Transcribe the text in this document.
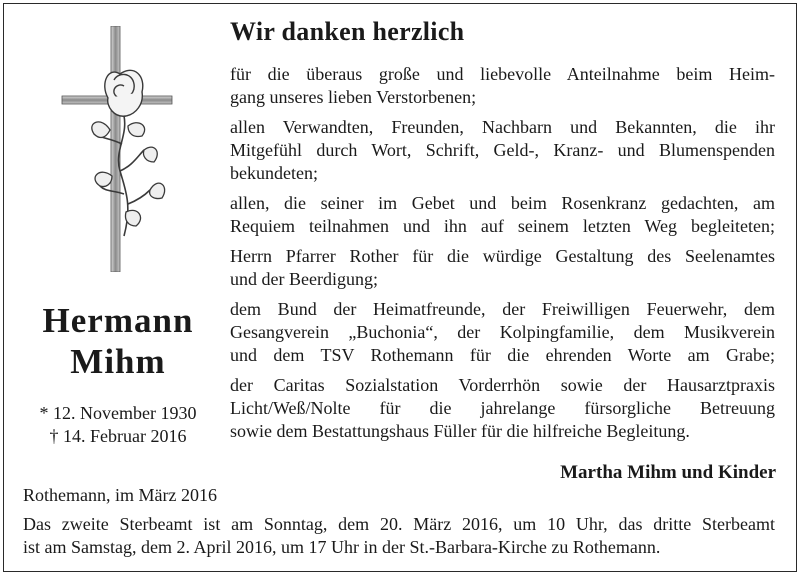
Hermann
Mihm
* 12. November 1930
† 14. Februar 2016
Wir danken herzlich
für die überaus große und liebevolle Anteilnahme beim Heim-
gang unseres lieben Verstorbenen;
allen Verwandten, Freunden, Nachbarn und Bekannten, die ihr
Mitgefühl durch Wort, Schrift, Geld-, Kranz- und Blumenspenden
bekundeten;
allen, die seiner im Gebet und beim Rosenkranz gedachten, am
Requiem teilnahmen und ihn auf seinem letzten Weg begleiteten;
Herrn Pfarrer Rother für die würdige Gestaltung des Seelenamtes
und der Beerdigung;
dem Bund der Heimatfreunde, der Freiwilligen Feuerwehr, dem
Gesangverein „Buchonia“, der Kolpingfamilie, dem Musikverein
und dem TSV Rothemann für die ehrenden Worte am Grabe;
der Caritas Sozialstation Vorderrhön sowie der Hausarztpraxis
Licht/Weß/Nolte für die jahrelange fürsorgliche Betreuung
sowie dem Bestattungshaus Füller für die hilfreiche Begleitung.
Martha Mihm und Kinder
Rothemann, im März 2016
Das zweite Sterbeamt ist am Sonntag, dem 20. März 2016, um 10 Uhr, das dritte Sterbeamt
ist am Samstag, dem 2. April 2016, um 17 Uhr in der St.-Barbara-Kirche zu Rothemann.
